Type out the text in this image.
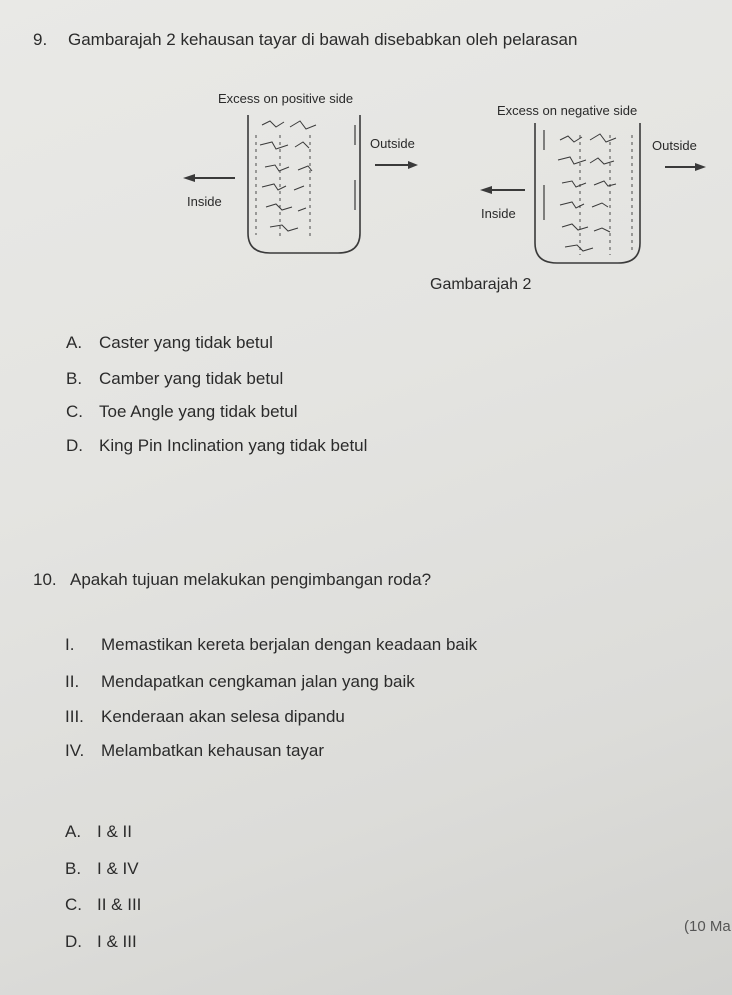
9. Gambarajah 2 kehausan tayar di bawah disebabkan oleh pelarasan
Excess on positive side
Excess on negative side
Outside
Inside
Outside
Inside
Gambarajah 2
A. Caster yang tidak betul
B. Camber yang tidak betul
C. Toe Angle yang tidak betul
D. King Pin Inclination yang tidak betul
10. Apakah tujuan melakukan pengimbangan roda?
I. Memastikan kereta berjalan dengan keadaan baik
II. Mendapatkan cengkaman jalan yang baik
III. Kenderaan akan selesa dipandu
IV. Melambatkan kehausan tayar
A. I & II
B. I & IV
C. II & III
D. I & III
(10 Ma
